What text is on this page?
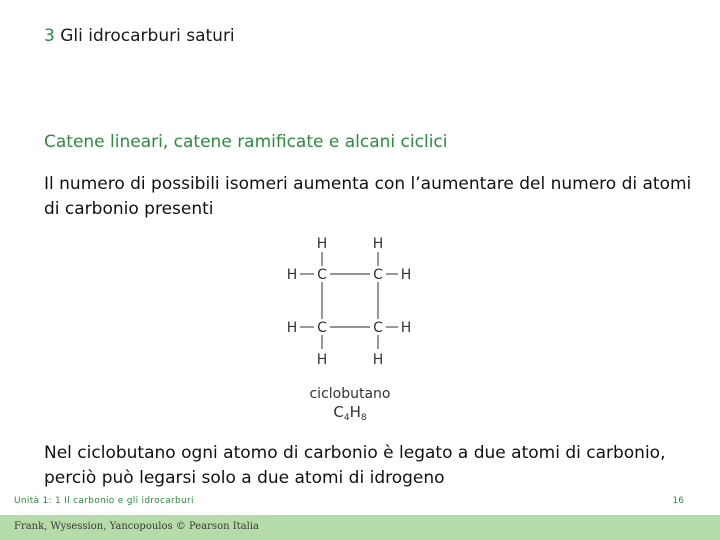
3 Gli idrocarburi saturi
Catene lineari, catene ramificate e alcani ciclici
Il numero di possibili isomeri aumenta con l’aumentare del numero di atomi di carbonio presenti
H	H
H C	C H
H C	C H
H	H
ciclobutano
$C_4H_8$
Nel ciclobutano ogni atomo di carbonio è legato a due atomi di carbonio, perciò può legarsi solo a due atomi di idrogeno
Unità 1: 1 Il carbonio e gli idrocarburi	16
Frank, Wysession, Yancopoulos © Pearson Italia
